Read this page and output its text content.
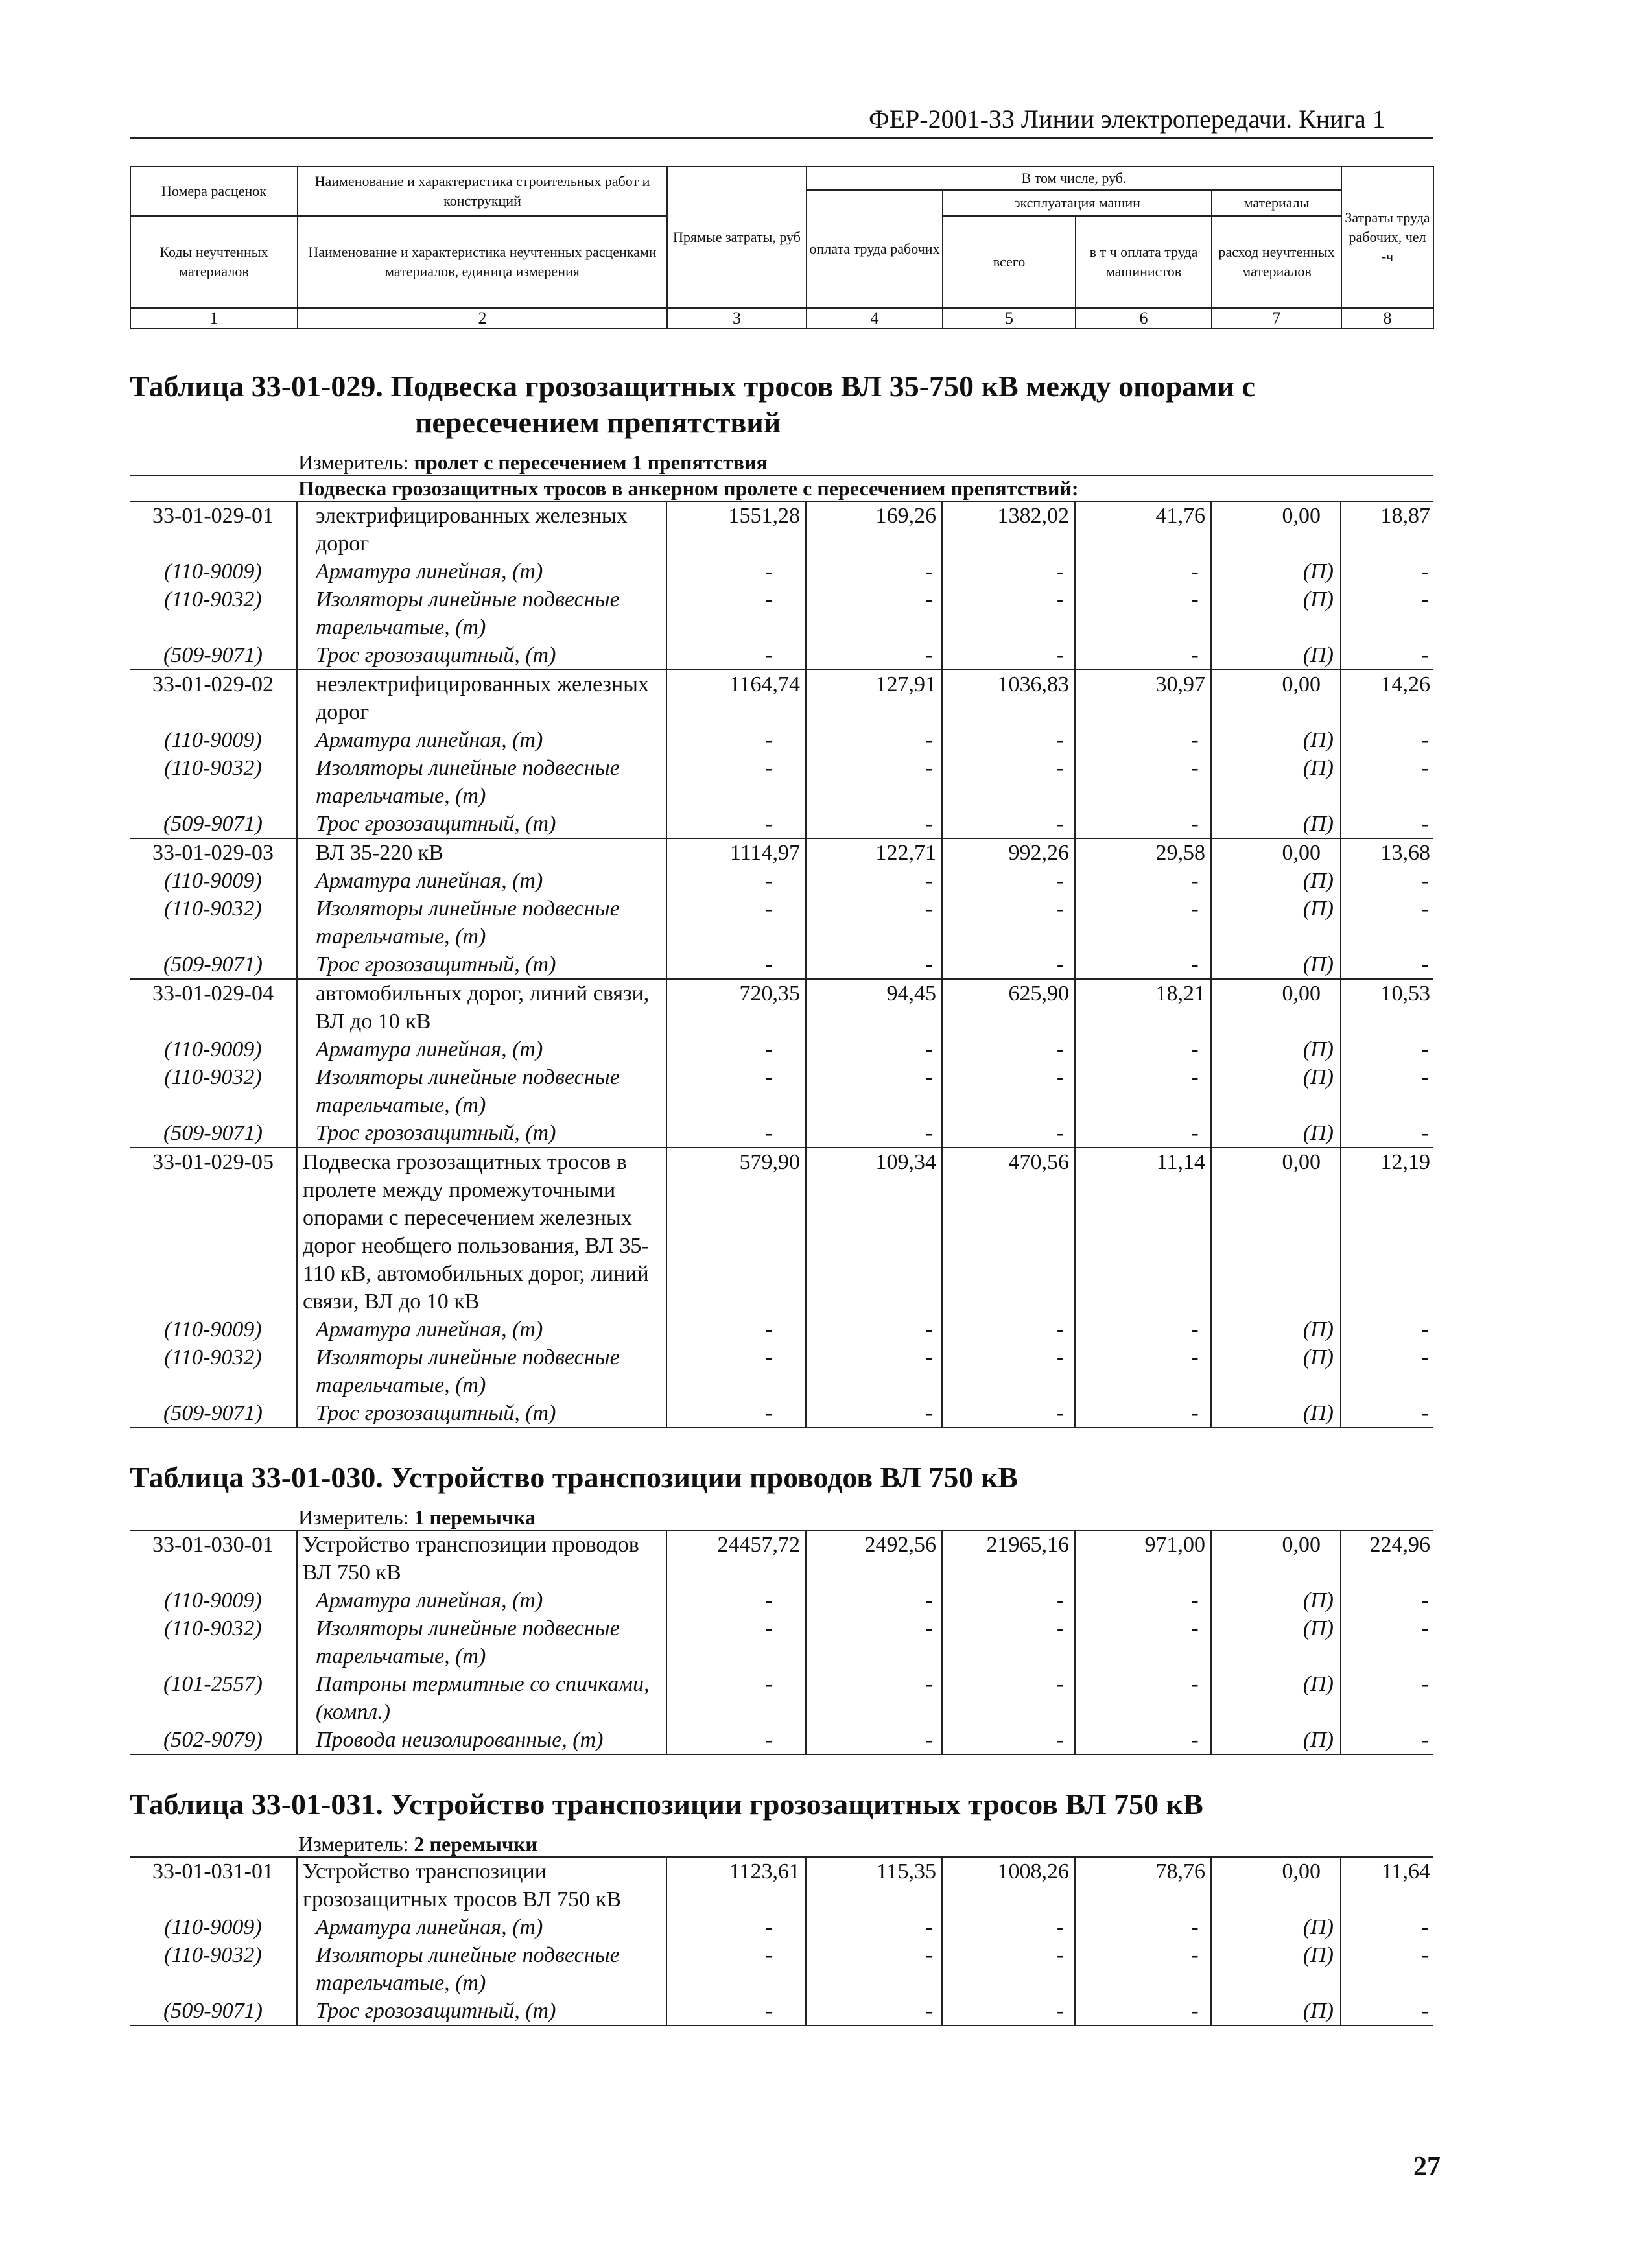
ФЕР-2001-33 Линии электропередачи. Книга 1
Номера расценок	Наименование и характеристика строительных работ и конструкций	Прямые затраты, руб	В том числе, руб.				Затраты труда рабочих, чел -ч
			оплата труда рабочих	эксплуатация машин		материалы	
Коды неучтенных материалов	Наименование и характеристика неучтенных расценками материалов, единица измерения			всего	в т ч оплата труда машинистов	расход неучтенных материалов	

1	2	3	4	5	6	7	8
Таблица 33-01-029. Подвеска грозозащитных тросов ВЛ 35-750 кВ между опорами с
пересечением препятствий							

Измеритель: пролет с пересечением 1 препятствия							
Подвеска грозозащитных тросов в анкерном пролете с пересечением препятствий:							
33-01-029-01	электрифицированных железных дорог	1551,28	169,26	1382,02	41,76	0,00	18,87
(110-9009)	Арматура линейная, (т)	-	-	-	-	(П)	-
(110-9032)	Изоляторы линейные подвесные тарельчатые, (т)	-	-	-	-	(П)	-
(509-9071)	Трос грозозащитный, (т)	-	-	-	-	(П)	-
33-01-029-02	неэлектрифицированных железных дорог	1164,74	127,91	1036,83	30,97	0,00	14,26
(110-9009)	Арматура линейная, (т)	-	-	-	-	(П)	-
(110-9032)	Изоляторы линейные подвесные тарельчатые, (т)	-	-	-	-	(П)	-
(509-9071)	Трос грозозащитный, (т)	-	-	-	-	(П)	-
33-01-029-03	ВЛ 35-220 кВ	1114,97	122,71	992,26	29,58	0,00	13,68
(110-9009)	Арматура линейная, (т)	-	-	-	-	(П)	-
(110-9032)	Изоляторы линейные подвесные тарельчатые, (т)	-	-	-	-	(П)	-
(509-9071)	Трос грозозащитный, (т)	-	-	-	-	(П)	-
33-01-029-04	автомобильных дорог, линий связи, ВЛ до 10 кВ	720,35	94,45	625,90	18,21	0,00	10,53
(110-9009)	Арматура линейная, (т)	-	-	-	-	(П)	-
(110-9032)	Изоляторы линейные подвесные тарельчатые, (т)	-	-	-	-	(П)	-
(509-9071)	Трос грозозащитный, (т)	-	-	-	-	(П)	-
33-01-029-05	Подвеска грозозащитных тросов в пролете между промежуточными опорами с пересечением железных дорог необщего пользования, ВЛ 35-110 кВ, автомобильных дорог, линий связи, ВЛ до 10 кВ	579,90	109,34	470,56	11,14	0,00	12,19
(110-9009)	Арматура линейная, (т)	-	-	-	-	(П)	-
(110-9032)	Изоляторы линейные подвесные тарельчатые, (т)	-	-	-	-	(П)	-
(509-9071)	Трос грозозащитный, (т)	-	-	-	-	(П)	-
Таблица 33-01-030. Устройство транспозиции проводов ВЛ 750 кВ							
Измеритель: 1 перемычка							
33-01-030-01	Устройство транспозиции проводов ВЛ 750 кВ	24457,72	2492,56	21965,16	971,00	0,00	224,96
(110-9009)	Арматура линейная, (т)	-	-	-	-	(П)	-
(110-9032)	Изоляторы линейные подвесные тарельчатые, (т)	-	-	-	-	(П)	-
(101-2557)	Патроны термитные со спичками, (компл.)	-	-	-	-	(П)	-
(502-9079)	Провода неизолированные, (т)	-	-	-	-	(П)	-
Таблица 33-01-031. Устройство транспозиции грозозащитных тросов ВЛ 750 кВ							
Измеритель: 2 перемычки							
33-01-031-01	Устройство транспозиции грозозащитных тросов ВЛ 750 кВ	1123,61	115,35	1008,26	78,76	0,00	11,64
(110-9009)	Арматура линейная, (т)	-	-	-	-	(П)	-
(110-9032)	Изоляторы линейные подвесные тарельчатые, (т)	-	-	-	-	(П)	-
(509-9071)	Трос грозозащитный, (т)	-	-	-	-	(П)	-
27
